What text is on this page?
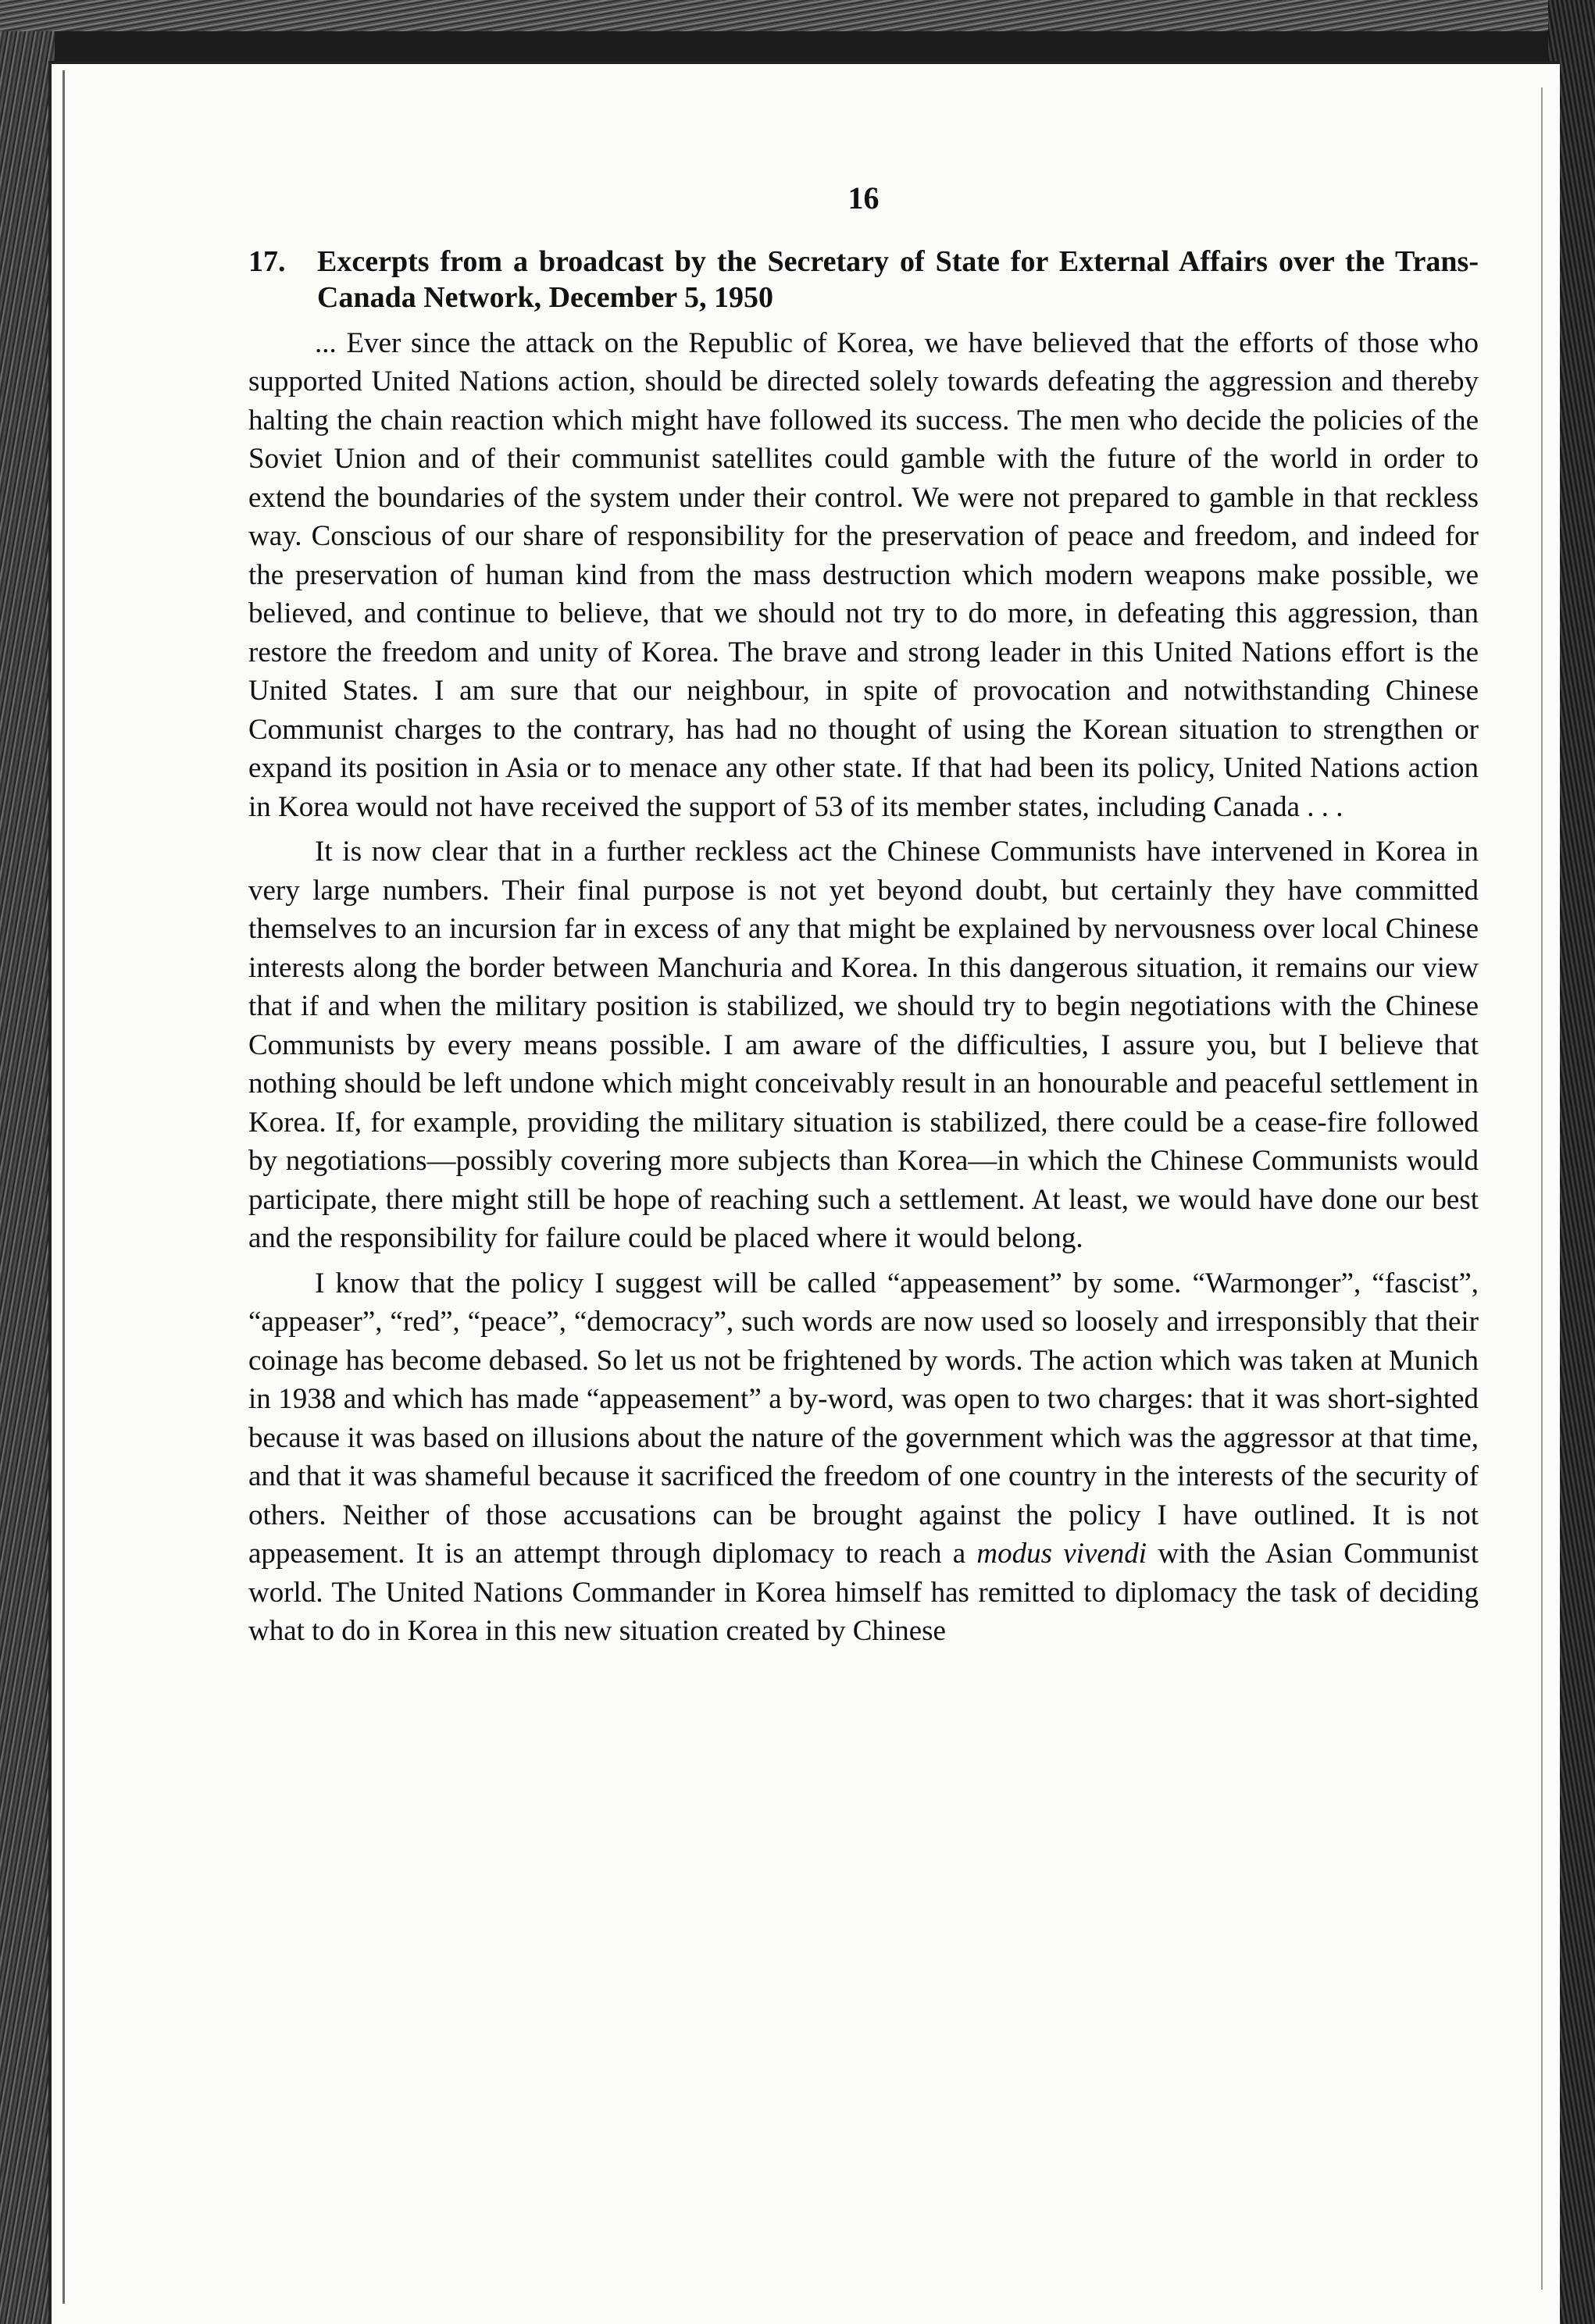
16
17. Excerpts from a broadcast by the Secretary of State for External Affairs over the Trans-Canada Network, December 5, 1950

... Ever since the attack on the Republic of Korea, we have believed that the efforts of those who supported United Nations action, should be directed solely towards defeating the aggression and thereby halting the chain reaction which might have followed its success. The men who decide the policies of the Soviet Union and of their communist satellites could gamble with the future of the world in order to extend the boundaries of the system under their control. We were not prepared to gamble in that reckless way. Conscious of our share of responsibility for the preservation of peace and freedom, and indeed for the preservation of human kind from the mass destruction which modern weapons make possible, we believed, and continue to believe, that we should not try to do more, in defeating this aggression, than restore the freedom and unity of Korea. The brave and strong leader in this United Nations effort is the United States. I am sure that our neighbour, in spite of provocation and notwithstanding Chinese Communist charges to the contrary, has had no thought of using the Korean situation to strengthen or expand its position in Asia or to menace any other state. If that had been its policy, United Nations action in Korea would not have received the support of 53 of its member states, including Canada . . .

It is now clear that in a further reckless act the Chinese Communists have intervened in Korea in very large numbers. Their final purpose is not yet beyond doubt, but certainly they have committed themselves to an incursion far in excess of any that might be explained by nervousness over local Chinese interests along the border between Manchuria and Korea. In this dangerous situation, it remains our view that if and when the military position is stabilized, we should try to begin negotiations with the Chinese Communists by every means possible. I am aware of the difficulties, I assure you, but I believe that nothing should be left undone which might conceivably result in an honourable and peaceful settlement in Korea. If, for example, providing the military situation is stabilized, there could be a cease-fire followed by negotiations—possibly covering more subjects than Korea—in which the Chinese Communists would participate, there might still be hope of reaching such a settlement. At least, we would have done our best and the responsibility for failure could be placed where it would belong.

I know that the policy I suggest will be called “appeasement” by some. “Warmonger”, “fascist”, “appeaser”, “red”, “peace”, “democracy”, such words are now used so loosely and irresponsibly that their coinage has become debased. So let us not be frightened by words. The action which was taken at Munich in 1938 and which has made “appeasement” a by-word, was open to two charges: that it was short-sighted because it was based on illusions about the nature of the government which was the aggressor at that time, and that it was shameful because it sacrificed the freedom of one country in the interests of the security of others. Neither of those accusations can be brought against the policy I have outlined. It is not appeasement. It is an attempt through diplomacy to reach a modus vivendi with the Asian Communist world. The United Nations Commander in Korea himself has remitted to diplomacy the task of deciding what to do in Korea in this new situation created by Chinese
